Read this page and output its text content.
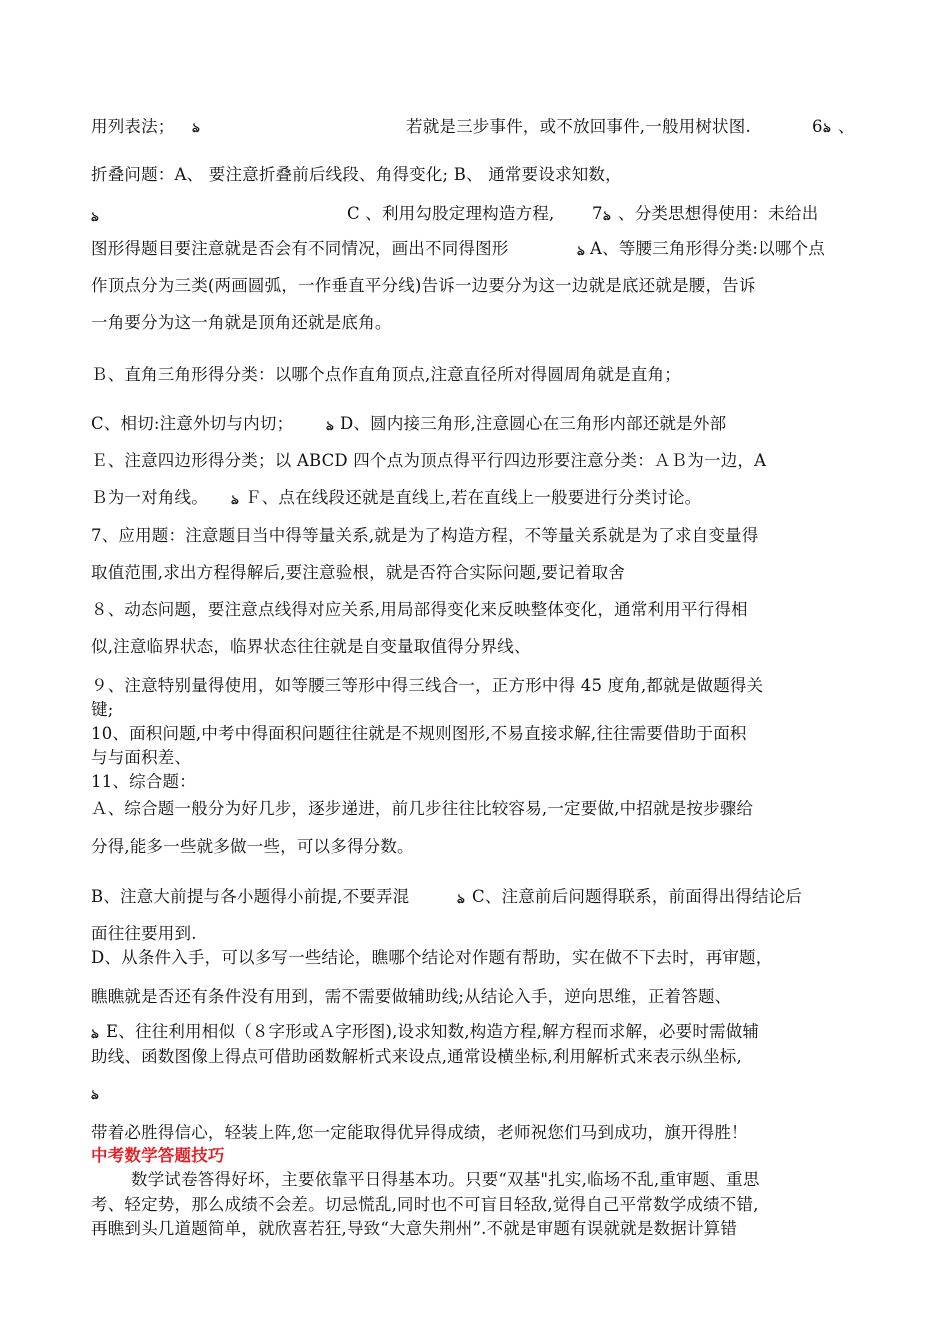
用列表法； ঌ	若就是三步事件，或不放回事件,一般用树状图.	6 ঌ 、
折叠问题：A、 要注意折叠前后线段、角得变化; B、 通常要设求知数，
ঌ	C 、利用勾股定理构造方程, 7 ঌ 、分类思想得使用：未给出
图形得题目要注意就是否会有不同情况，画出不同得图形	ঌ A、等腰三角形得分类:以哪个点
作顶点分为三类(两画圆弧，一作垂直平分线)告诉一边要分为这一边就是底还就是腰，告诉
一角要分为这一角就是顶角还就是底角。
Ｂ、直角三角形得分类：以哪个点作直角顶点,注意直径所对得圆周角就是直角；
C、相切:注意外切与内切；	ঌ D、圆内接三角形,注意圆心在三角形内部还就是外部
Ｅ、注意四边形得分类；以 ABCD 四个点为顶点得平行四边形要注意分类：ＡＢ为一边，A
Ｂ为一对角线。 ঌ Ｆ、点在线段还就是直线上,若在直线上一般要进行分类讨论。
7、应用题：注意题目当中得等量关系,就是为了构造方程，不等量关系就是为了求自变量得
取值范围,求出方程得解后,要注意验根，就是否符合实际问题,要记着取舍
８、动态问题，要注意点线得对应关系,用局部得变化来反映整体变化，通常利用平行得相
似,注意临界状态，临界状态往往就是自变量取值得分界线、
９、注意特别量得使用，如等腰三等形中得三线合一，正方形中得 45 度角,都就是做题得关
键;
10、面积问题,中考中得面积问题往往就是不规则图形,不易直接求解,往往需要借助于面积
与与面积差、
11、综合题：
Ａ、综合题一般分为好几步，逐步递进，前几步往往比较容易,一定要做,中招就是按步骤给
分得,能多一些就多做一些，可以多得分数。
B、注意大前提与各小题得小前提,不要弄混	ঌ C、注意前后问题得联系，前面得出得结论后
面往往要用到.
D、从条件入手，可以多写一些结论，瞧哪个结论对作题有帮助，实在做不下去时，再审题，
瞧瞧就是否还有条件没有用到，需不需要做辅助线;从结论入手，逆向思维，正着答题、
ঌ E、往往利用相似（８字形或Ａ字形图),设求知数,构造方程,解方程而求解，必要时需做辅
助线、函数图像上得点可借助函数解析式来设点,通常设横坐标,利用解析式来表示纵坐标,
ঌ
带着必胜得信心，轻装上阵,您一定能取得优异得成绩，老师祝您们马到成功，旗开得胜！
中考数学答题技巧
数学试卷答得好坏，主要依靠平日得基本功。只要“双基"扎实,临场不乱,重审题、重思
考、轻定势，那么成绩不会差。切忌慌乱,同时也不可盲目轻敌,觉得自己平常数学成绩不错,
再瞧到头几道题简单，就欣喜若狂,导致“大意失荆州”.不就是审题有误就就是数据计算错
